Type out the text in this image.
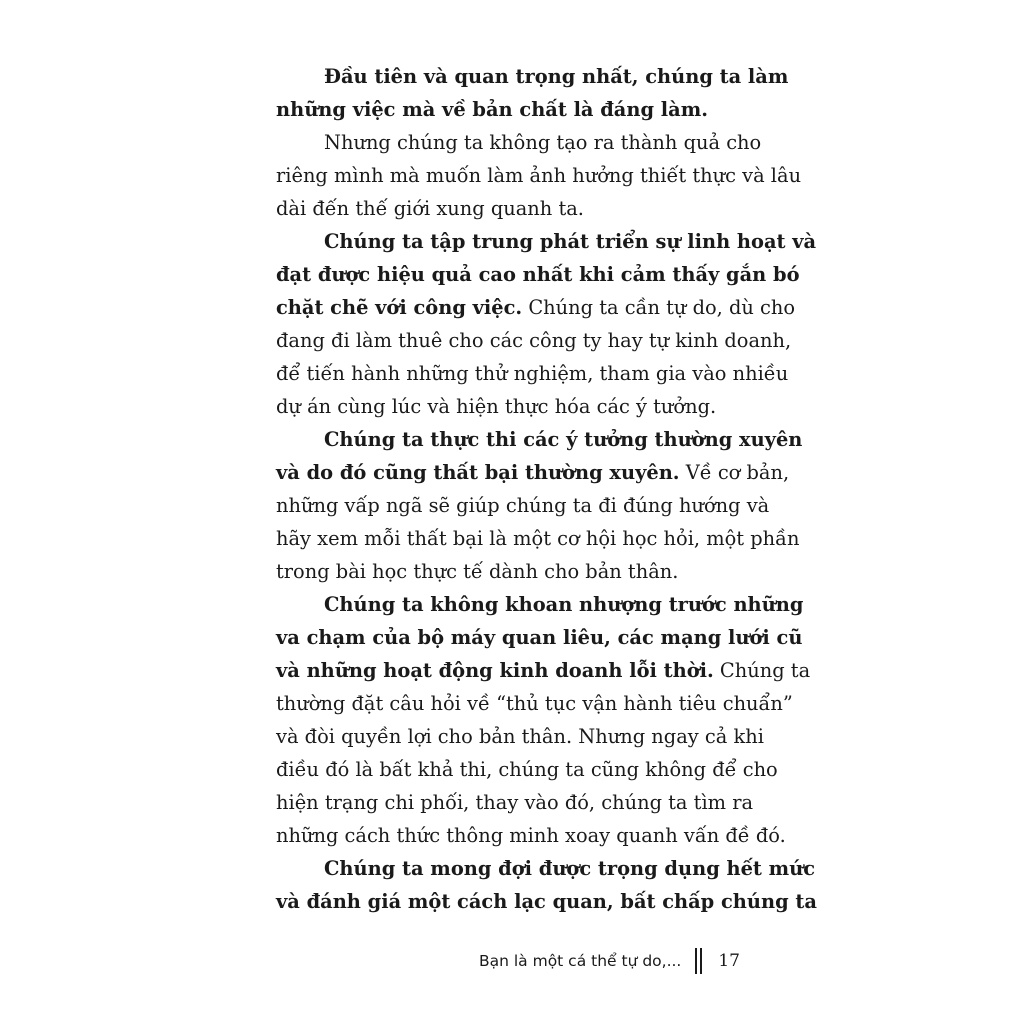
Đầu tiên và quan trọng nhất, chúng ta làm
những việc mà về bản chất là đáng làm.
Nhưng chúng ta không tạo ra thành quả cho
riêng mình mà muốn làm ảnh hưởng thiết thực và lâu
dài đến thế giới xung quanh ta.
Chúng ta tập trung phát triển sự linh hoạt và
đạt được hiệu quả cao nhất khi cảm thấy gắn bó
chặt chẽ với công việc. Chúng ta cần tự do, dù cho
đang đi làm thuê cho các công ty hay tự kinh doanh,
để tiến hành những thử nghiệm, tham gia vào nhiều
dự án cùng lúc và hiện thực hóa các ý tưởng.
Chúng ta thực thi các ý tưởng thường xuyên
và do đó cũng thất bại thường xuyên. Về cơ bản,
những vấp ngã sẽ giúp chúng ta đi đúng hướng và
hãy xem mỗi thất bại là một cơ hội học hỏi, một phần
trong bài học thực tế dành cho bản thân.
Chúng ta không khoan nhượng trước những
va chạm của bộ máy quan liêu, các mạng lưới cũ
và những hoạt động kinh doanh lỗi thời. Chúng ta
thường đặt câu hỏi về “thủ tục vận hành tiêu chuẩn”
và đòi quyền lợi cho bản thân. Nhưng ngay cả khi
điều đó là bất khả thi, chúng ta cũng không để cho
hiện trạng chi phối, thay vào đó, chúng ta tìm ra
những cách thức thông minh xoay quanh vấn đề đó.
Chúng ta mong đợi được trọng dụng hết mức
và đánh giá một cách lạc quan, bất chấp chúng ta
Bạn là một cá thể tự do,... 17
